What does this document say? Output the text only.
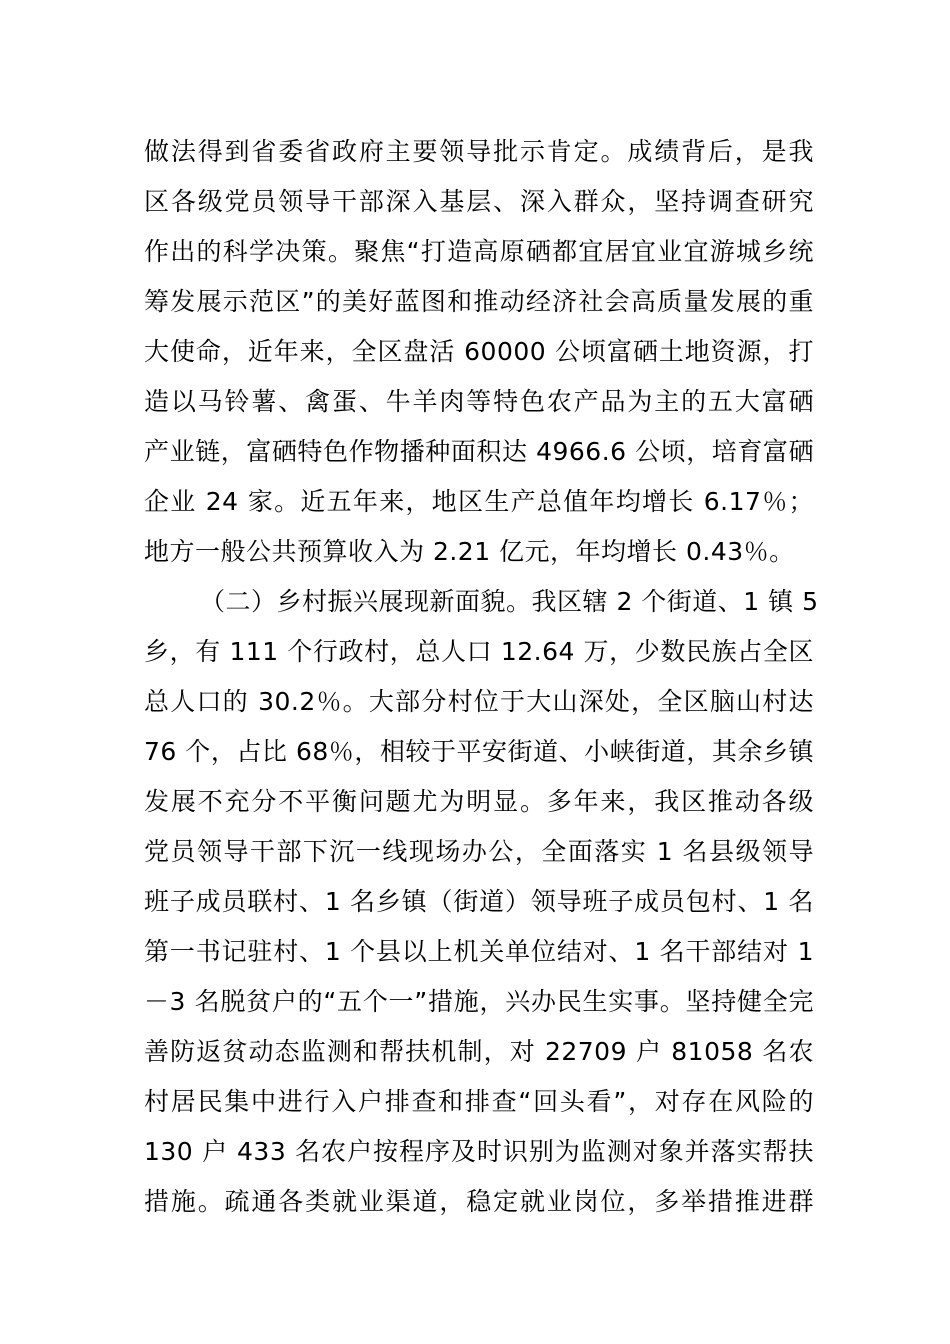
做法得到省委省政府主要领导批示肯定。成绩背后，是我
区各级党员领导干部深入基层、深入群众，坚持调查研究
作出的科学决策。聚焦“打造高原硒都宜居宜业宜游城乡统
筹发展示范区”的美好蓝图和推动经济社会高质量发展的重
大使命，近年来，全区盘活 60000 公顷富硒土地资源，打
造以马铃薯、禽蛋、牛羊肉等特色农产品为主的五大富硒
产业链，富硒特色作物播种面积达 4966.6 公顷，培育富硒
企业 24 家。近五年来，地区生产总值年均增长 6.17％；
地方一般公共预算收入为 2.21 亿元，年均增长 0.43％。
（二）乡村振兴展现新面貌。我区辖 2 个街道、1 镇 5
乡，有 111 个行政村，总人口 12.64 万，少数民族占全区
总人口的 30.2％。大部分村位于大山深处，全区脑山村达
76 个，占比 68％，相较于平安街道、小峡街道，其余乡镇
发展不充分不平衡问题尤为明显。多年来，我区推动各级
党员领导干部下沉一线现场办公，全面落实 1 名县级领导
班子成员联村、1 名乡镇（街道）领导班子成员包村、1 名
第一书记驻村、1 个县以上机关单位结对、1 名干部结对 1
－3 名脱贫户的“五个一”措施，兴办民生实事。坚持健全完
善防返贫动态监测和帮扶机制，对 22709 户 81058 名农
村居民集中进行入户排查和排查“回头看”，对存在风险的
130 户 433 名农户按程序及时识别为监测对象并落实帮扶
措施。疏通各类就业渠道，稳定就业岗位，多举措推进群
